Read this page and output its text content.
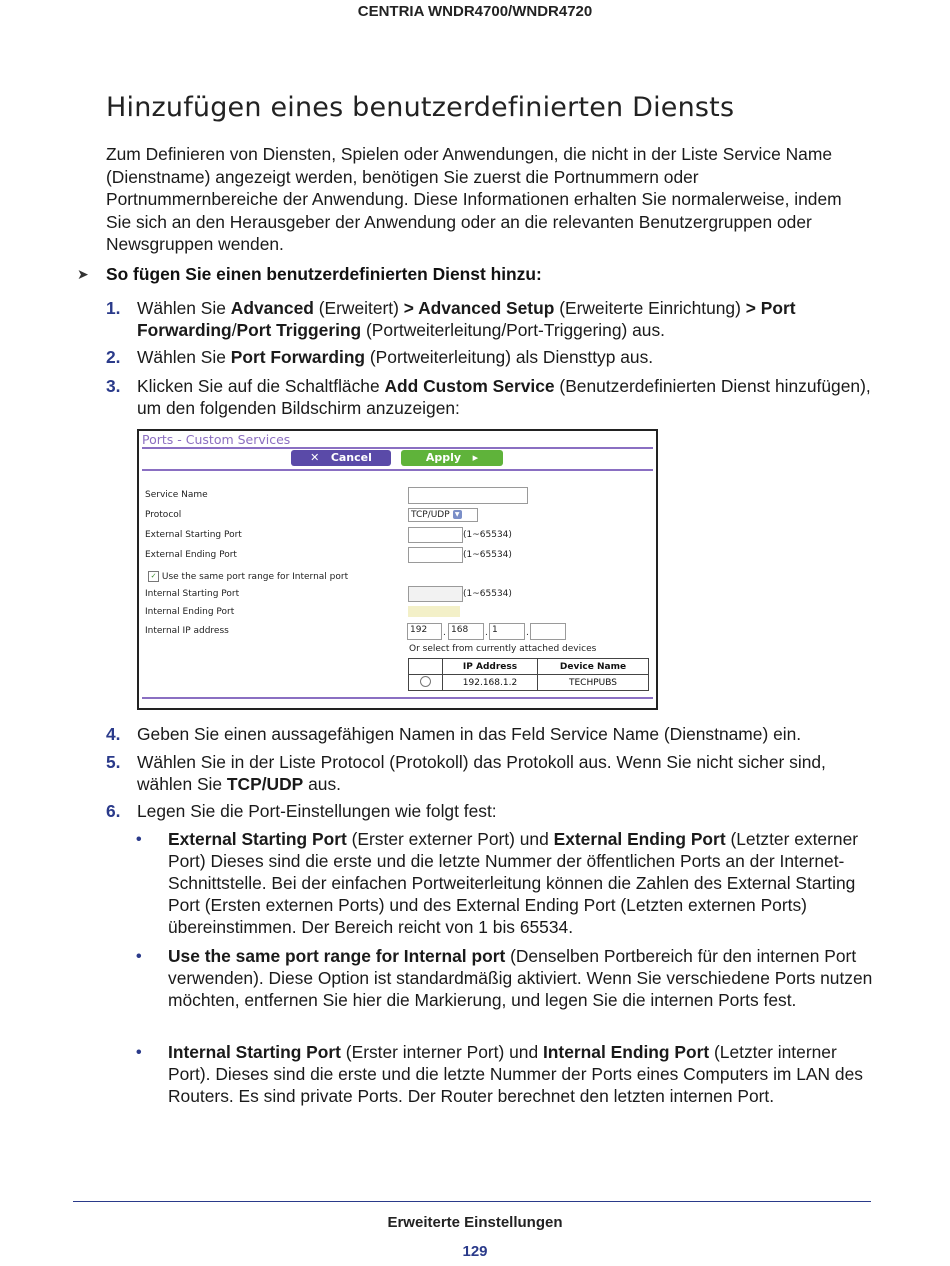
CENTRIA WNDR4700/WNDR4720
Hinzufügen eines benutzerdefinierten Diensts
Zum Definieren von Diensten, Spielen oder Anwendungen, die nicht in der Liste Service Name (Dienstname) angezeigt werden, benötigen Sie zuerst die Portnummern oder Portnummernbereiche der Anwendung. Diese Informationen erhalten Sie normalerweise, indem Sie sich an den Herausgeber der Anwendung oder an die relevanten Benutzergruppen oder Newsgruppen wenden.
➤ So fügen Sie einen benutzerdefinierten Dienst hinzu:
1. Wählen Sie Advanced (Erweitert) > Advanced Setup (Erweiterte Einrichtung) > Port Forwarding/Port Triggering (Portweiterleitung/Port-Triggering) aus.
2. Wählen Sie Port Forwarding (Portweiterleitung) als Diensttyp aus.
3. Klicken Sie auf die Schaltfläche Add Custom Service (Benutzerdefinierten Dienst hinzufügen), um den folgenden Bildschirm anzuzeigen:
Ports - Custom Services
✕ Cancel	Apply ▸
Service Name
Protocol	TCP/UDP ▼
External Starting Port	(1~65534)
External Ending Port	(1~65534)
✓ Use the same port range for Internal port
Internal Starting Port	(1~65534)
Internal Ending Port
Internal IP address	192	. 168	. 1	.
Or select from currently attached devices
	IP Address	Device Name
	192.168.1.2	TECHPUBS
4. Geben Sie einen aussagefähigen Namen in das Feld Service Name (Dienstname) ein.
5. Wählen Sie in der Liste Protocol (Protokoll) das Protokoll aus. Wenn Sie nicht sicher sind, wählen Sie TCP/UDP aus.
6. Legen Sie die Port-Einstellungen wie folgt fest:
• External Starting Port (Erster externer Port) und External Ending Port (Letzter externer Port) Dieses sind die erste und die letzte Nummer der öffentlichen Ports an der Internet-Schnittstelle. Bei der einfachen Portweiterleitung können die Zahlen des External Starting Port (Ersten externen Ports) und des External Ending Port (Letzten externen Ports) übereinstimmen. Der Bereich reicht von 1 bis 65534.
• Use the same port range for Internal port (Denselben Portbereich für den internen Port verwenden). Diese Option ist standardmäßig aktiviert. Wenn Sie verschiedene Ports nutzen möchten, entfernen Sie hier die Markierung, und legen Sie die internen Ports fest.
• Internal Starting Port (Erster interner Port) und Internal Ending Port (Letzter interner Port). Dieses sind die erste und die letzte Nummer der Ports eines Computers im LAN des Routers. Es sind private Ports. Der Router berechnet den letzten internen Port.
Erweiterte Einstellungen
129
